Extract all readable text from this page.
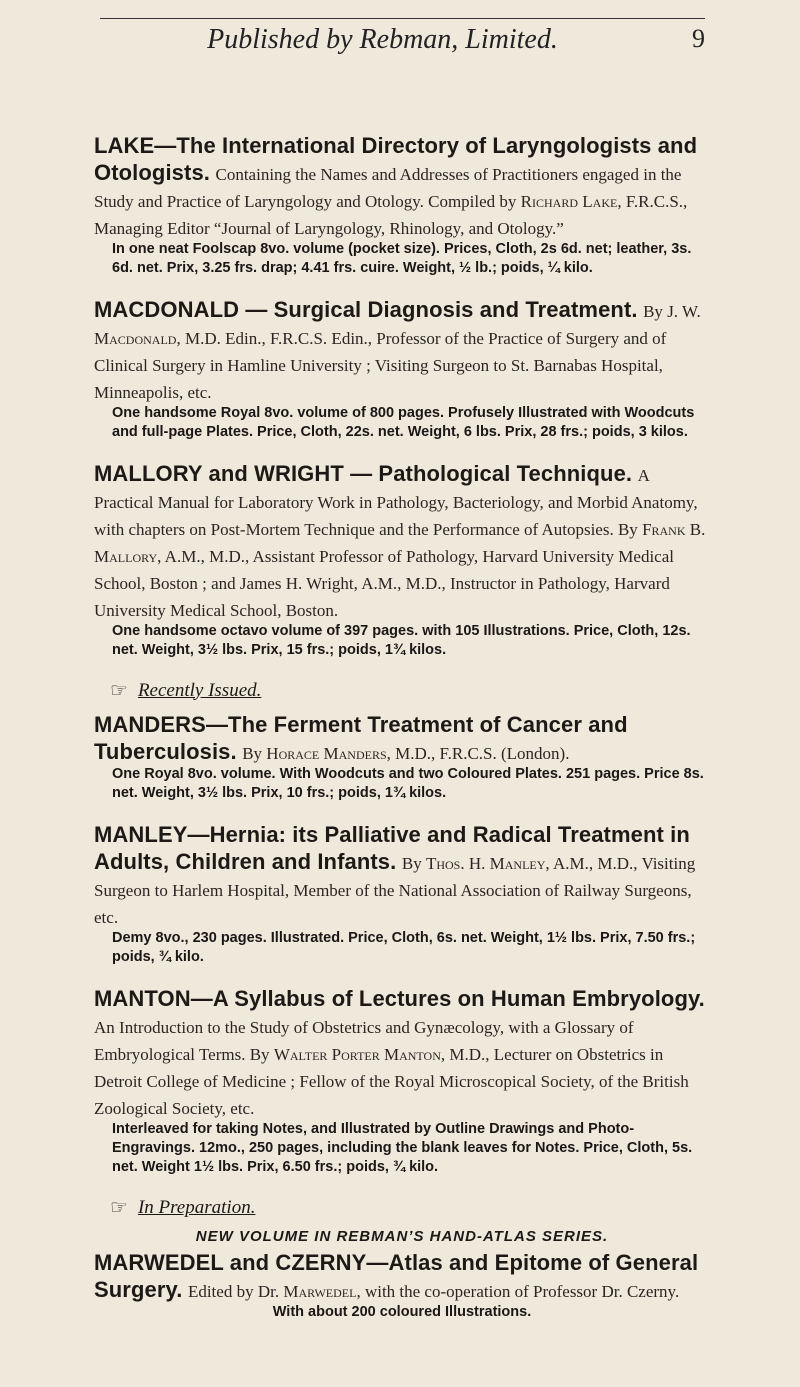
Published by Rebman, Limited.	9

LAKE—The International Directory of Laryngologists and Otologists. Containing the Names and Addresses of Practitioners engaged in the Study and Practice of Laryngology and Otology. Compiled by Richard Lake, F.R.C.S., Managing Editor “Journal of Laryngology, Rhinology, and Otology.”

In one neat Foolscap 8vo. volume (pocket size). Prices, Cloth, 2s 6d. net; leather, 3s. 6d. net. Prix, 3.25 frs. drap; 4.41 frs. cuire. Weight, ½ lb.; poids, ¼ kilo.

MACDONALD — Surgical Diagnosis and Treatment. By J. W. Macdonald, M.D. Edin., F.R.C.S. Edin., Professor of the Practice of Surgery and of Clinical Surgery in Hamline University ; Visiting Surgeon to St. Barnabas Hospital, Minneapolis, etc.

One handsome Royal 8vo. volume of 800 pages. Profusely Illustrated with Woodcuts and full-page Plates. Price, Cloth, 22s. net. Weight, 6 lbs. Prix, 28 frs.; poids, 3 kilos.

MALLORY and WRIGHT — Pathological Technique. A Practical Manual for Laboratory Work in Pathology, Bacteriology, and Morbid Anatomy, with chapters on Post-Mortem Technique and the Performance of Autopsies. By Frank B. Mallory, A.M., M.D., Assistant Professor of Pathology, Harvard University Medical School, Boston ; and James H. Wright, A.M., M.D., Instructor in Pathology, Harvard University Medical School, Boston.

One handsome octavo volume of 397 pages. with 105 Illustrations. Price, Cloth, 12s. net. Weight, 3½ lbs. Prix, 15 frs.; poids, 1¾ kilos.

☞ Recently Issued.

MANDERS—The Ferment Treatment of Cancer and Tuberculosis. By Horace Manders, M.D., F.R.C.S. (London).

One Royal 8vo. volume. With Woodcuts and two Coloured Plates. 251 pages. Price 8s. net. Weight, 3½ lbs. Prix, 10 frs.; poids, 1¾ kilos.

MANLEY—Hernia: its Palliative and Radical Treatment in Adults, Children and Infants. By Thos. H. Manley, A.M., M.D., Visiting Surgeon to Harlem Hospital, Member of the National Association of Railway Surgeons, etc.

Demy 8vo., 230 pages. Illustrated. Price, Cloth, 6s. net. Weight, 1½ lbs. Prix, 7.50 frs.; poids, ¾ kilo.

MANTON—A Syllabus of Lectures on Human Embryology. An Introduction to the Study of Obstetrics and Gynæcology, with a Glossary of Embryological Terms. By Walter Porter Manton, M.D., Lecturer on Obstetrics in Detroit College of Medicine ; Fellow of the Royal Microscopical Society, of the British Zoological Society, etc.

Interleaved for taking Notes, and Illustrated by Outline Drawings and Photo-Engravings. 12mo., 250 pages, including the blank leaves for Notes. Price, Cloth, 5s. net. Weight 1½ lbs. Prix, 6.50 frs.; poids, ¾ kilo.

☞ In Preparation.
NEW VOLUME IN REBMAN’S HAND-ATLAS SERIES.

MARWEDEL and CZERNY—Atlas and Epitome of General Surgery. Edited by Dr. Marwedel, with the co-operation of Professor Dr. Czerny.

With about 200 coloured Illustrations.
